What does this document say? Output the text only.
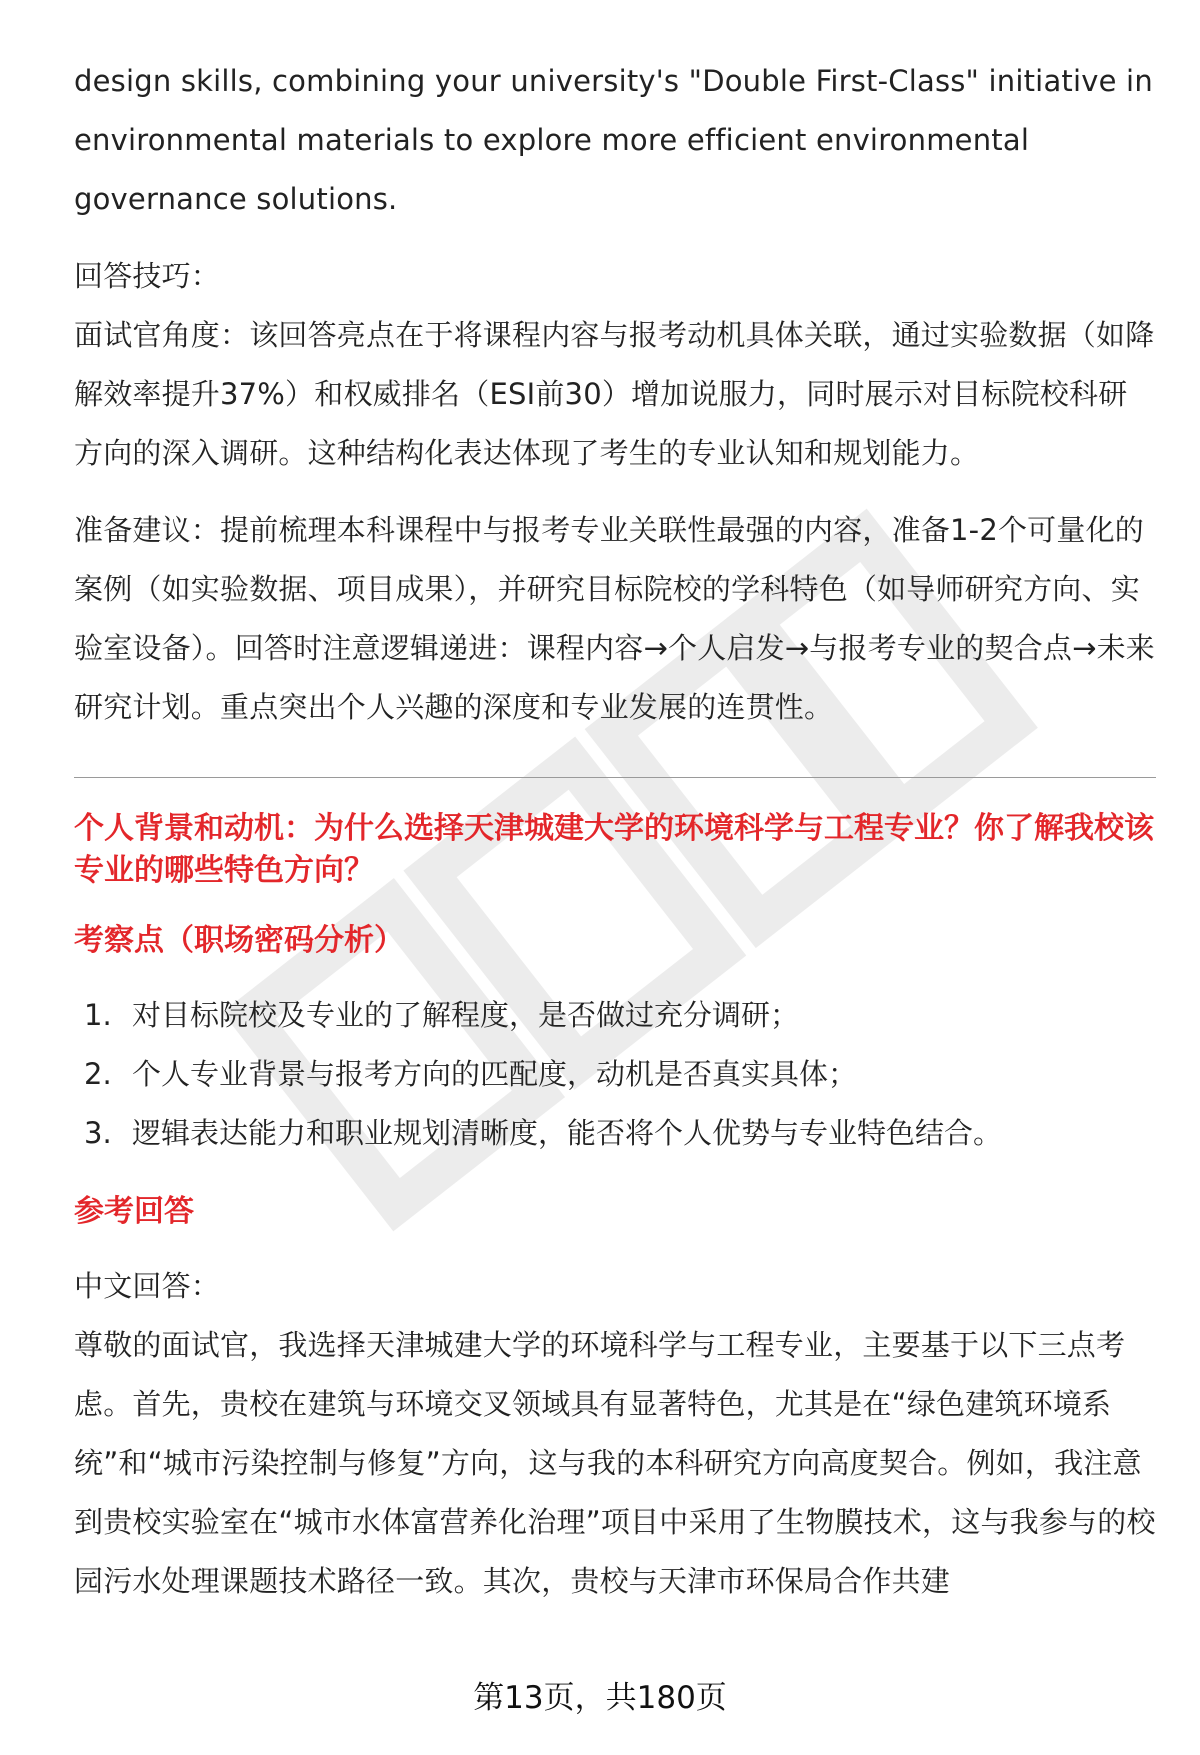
design skills, combining your university's "Double First-Class" initiative in

environmental materials to explore more efficient environmental

governance solutions.

回答技巧：

面试官角度：该回答亮点在于将课程内容与报考动机具体关联，通过实验数据（如降解效率提升37%）和权威排名（ESI前30）增加说服力，同时展示对目标院校科研方向的深入调研。这种结构化表达体现了考生的专业认知和规划能力。

准备建议：提前梳理本科课程中与报考专业关联性最强的内容，准备1-2个可量化的案例（如实验数据、项目成果），并研究目标院校的学科特色（如导师研究方向、实验室设备）。回答时注意逻辑递进：课程内容→个人启发→与报考专业的契合点→未来研究计划。重点突出个人兴趣的深度和专业发展的连贯性。

个人背景和动机：为什么选择天津城建大学的环境科学与工程专业？你了解我校该专业的哪些特色方向？

考察点（职场密码分析）

1. 对目标院校及专业的了解程度，是否做过充分调研；
2. 个人专业背景与报考方向的匹配度，动机是否真实具体；
3. 逻辑表达能力和职业规划清晰度，能否将个人优势与专业特色结合。

参考回答

中文回答：

尊敬的面试官，我选择天津城建大学的环境科学与工程专业，主要基于以下三点考虑。首先，贵校在建筑与环境交叉领域具有显著特色，尤其是在“绿色建筑环境系统”和“城市污染控制与修复”方向，这与我的本科研究方向高度契合。例如，我注意到贵校实验室在“城市水体富营养化治理”项目中采用了生物膜技术，这与我参与的校园污水处理课题技术路径一致。其次，贵校与天津市环保局合作共建

第13页，共180页
